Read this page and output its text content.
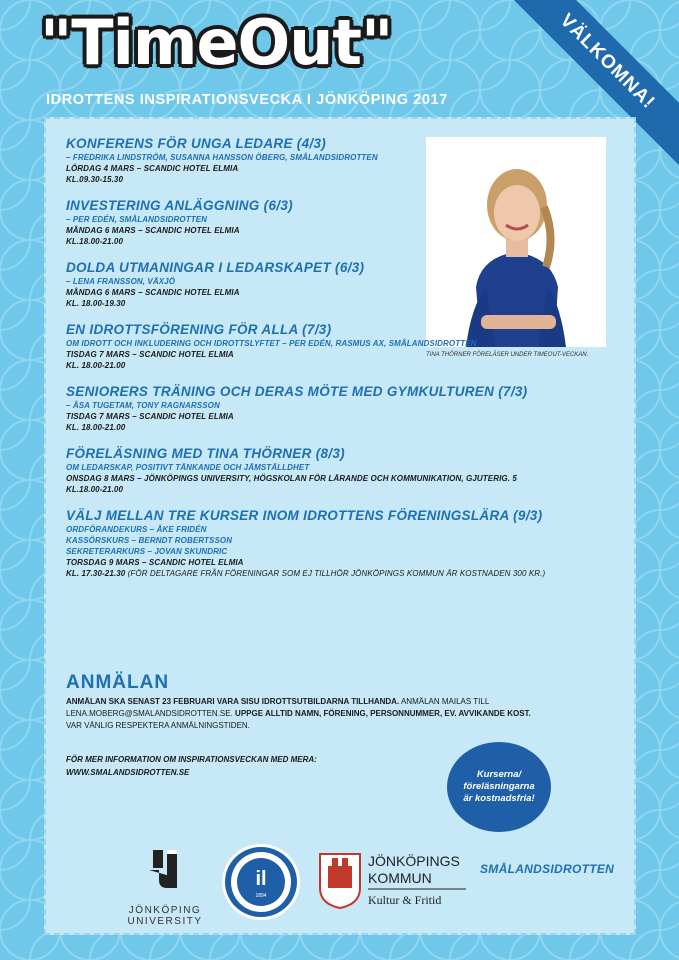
"TimeOut"
IDROTTENS INSPIRATIONSVECKA I JÖNKÖPING 2017	VÄLKOMNA!
TINA THÖRNER FÖRELÄSER UNDER TIMEOUT-VECKAN.
KONFERENS FÖR UNGA LEDARE (4/3)
– FREDRIKA LINDSTRÖM, SUSANNA HANSSON ÖBERG, SMÅLANDSIDROTTEN
LÖRDAG 4 MARS – SCANDIC HOTEL ELMIA
KL.09.30-15.30
INVESTERING ANLÄGGNING (6/3)
– PER EDÉN, SMÅLANDSIDROTTEN
MÅNDAG 6 MARS – SCANDIC HOTEL ELMIA
KL.18.00-21.00
DOLDA UTMANINGAR I LEDARSKAPET (6/3)
– LENA FRANSSON, VÄXJÖ
MÅNDAG 6 MARS – SCANDIC HOTEL ELMIA
KL. 18.00-19.30
EN IDROTTSFÖRENING FÖR ALLA (7/3)
OM IDROTT OCH INKLUDERING OCH IDROTTSLYFTET – PER EDÉN, RASMUS AX, SMÅLANDSIDROTTEN
TISDAG 7 MARS – SCANDIC HOTEL ELMIA
KL. 18.00-21.00
SENIORERS TRÄNING OCH DERAS MÖTE MED GYMKULTUREN (7/3)
– ÅSA TUGETAM, TONY RAGNARSSON
TISDAG 7 MARS – SCANDIC HOTEL ELMIA
KL. 18.00-21.00
FÖRELÄSNING MED TINA THÖRNER (8/3)
OM LEDARSKAP, POSITIVT TÄNKANDE OCH JÄMSTÄLLDHET
ONSDAG 8 MARS – JÖNKÖPINGS UNIVERSITY, HÖGSKOLAN FÖR LÄRANDE OCH KOMMUNIKATION, GJUTERIG. 5
KL.18.00-21.00
VÄLJ MELLAN TRE KURSER INOM IDROTTENS FÖRENINGSLÄRA (9/3)
ORDFÖRANDEKURS – ÅKE FRIDÉN
KASSÖRSKURS – BERNDT ROBERTSSON
SEKRETERARKURS – JOVAN SKUNDRIC
TORSDAG 9 MARS – SCANDIC HOTEL ELMIA
KL. 17.30-21.30 (FÖR DELTAGARE FRÅN FÖRENINGAR SOM EJ TILLHÖR JÖNKÖPINGS KOMMUN ÄR KOSTNADEN 300 KR.)
ANMÄLAN

ANMÄLAN SKA SENAST 23 FEBRUARI VARA SISU IDROTTSUTBILDARNA TILLHANDA. ANMÄLAN MAILAS TILL
LENA.MOBERG@SMALANDSIDROTTEN.SE. UPPGE ALLTID NAMN, FÖRENING, PERSONNUMMER, EV. AVVIKANDE KOST.
VAR VÄNLIG RESPEKTERA ANMÄLNINGSTIDEN.

FÖR MER INFORMATION OM INSPIRATIONSVECKAN MED MERA:
WWW.SMALANDSIDROTTEN.SE	Kurserna/
föreläsningarna
är kostnadsfria!
JÖNKÖPING UNIVERSITY
il
1894
JÖNKÖPINGS
KOMMUN
Kultur & Fritid
SMÅLANDSIDROTTEN
